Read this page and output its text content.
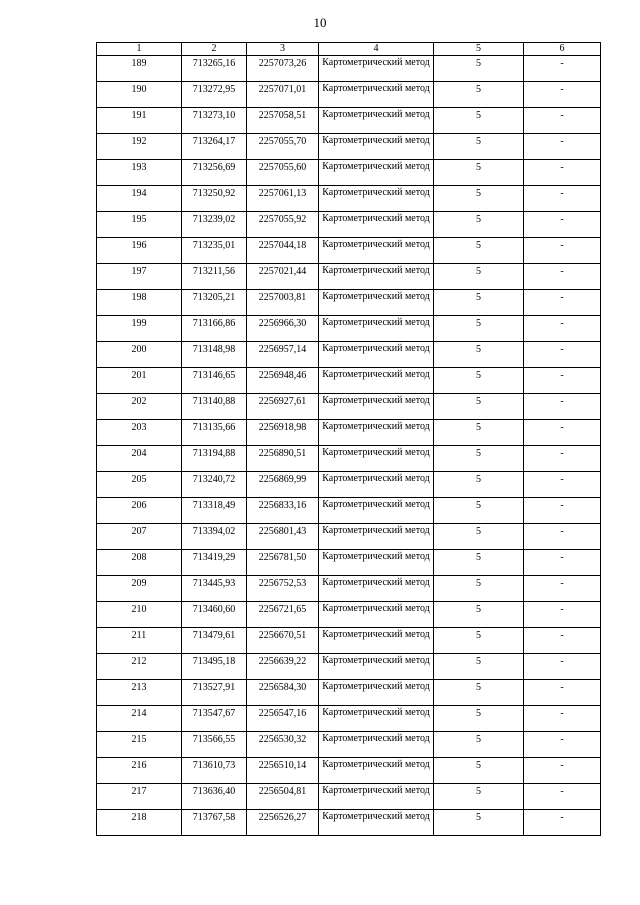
10
1	2	3	4	5	6
189	713265,16	2257073,26	Картометрический метод	5	-
190	713272,95	2257071,01	Картометрический метод	5	-
191	713273,10	2257058,51	Картометрический метод	5	-
192	713264,17	2257055,70	Картометрический метод	5	-
193	713256,69	2257055,60	Картометрический метод	5	-
194	713250,92	2257061,13	Картометрический метод	5	-
195	713239,02	2257055,92	Картометрический метод	5	-
196	713235,01	2257044,18	Картометрический метод	5	-
197	713211,56	2257021,44	Картометрический метод	5	-
198	713205,21	2257003,81	Картометрический метод	5	-
199	713166,86	2256966,30	Картометрический метод	5	-
200	713148,98	2256957,14	Картометрический метод	5	-
201	713146,65	2256948,46	Картометрический метод	5	-
202	713140,88	2256927,61	Картометрический метод	5	-
203	713135,66	2256918,98	Картометрический метод	5	-
204	713194,88	2256890,51	Картометрический метод	5	-
205	713240,72	2256869,99	Картометрический метод	5	-
206	713318,49	2256833,16	Картометрический метод	5	-
207	713394,02	2256801,43	Картометрический метод	5	-
208	713419,29	2256781,50	Картометрический метод	5	-
209	713445,93	2256752,53	Картометрический метод	5	-
210	713460,60	2256721,65	Картометрический метод	5	-
211	713479,61	2256670,51	Картометрический метод	5	-
212	713495,18	2256639,22	Картометрический метод	5	-
213	713527,91	2256584,30	Картометрический метод	5	-
214	713547,67	2256547,16	Картометрический метод	5	-
215	713566,55	2256530,32	Картометрический метод	5	-
216	713610,73	2256510,14	Картометрический метод	5	-
217	713636,40	2256504,81	Картометрический метод	5	-
218	713767,58	2256526,27	Картометрический метод	5	-
